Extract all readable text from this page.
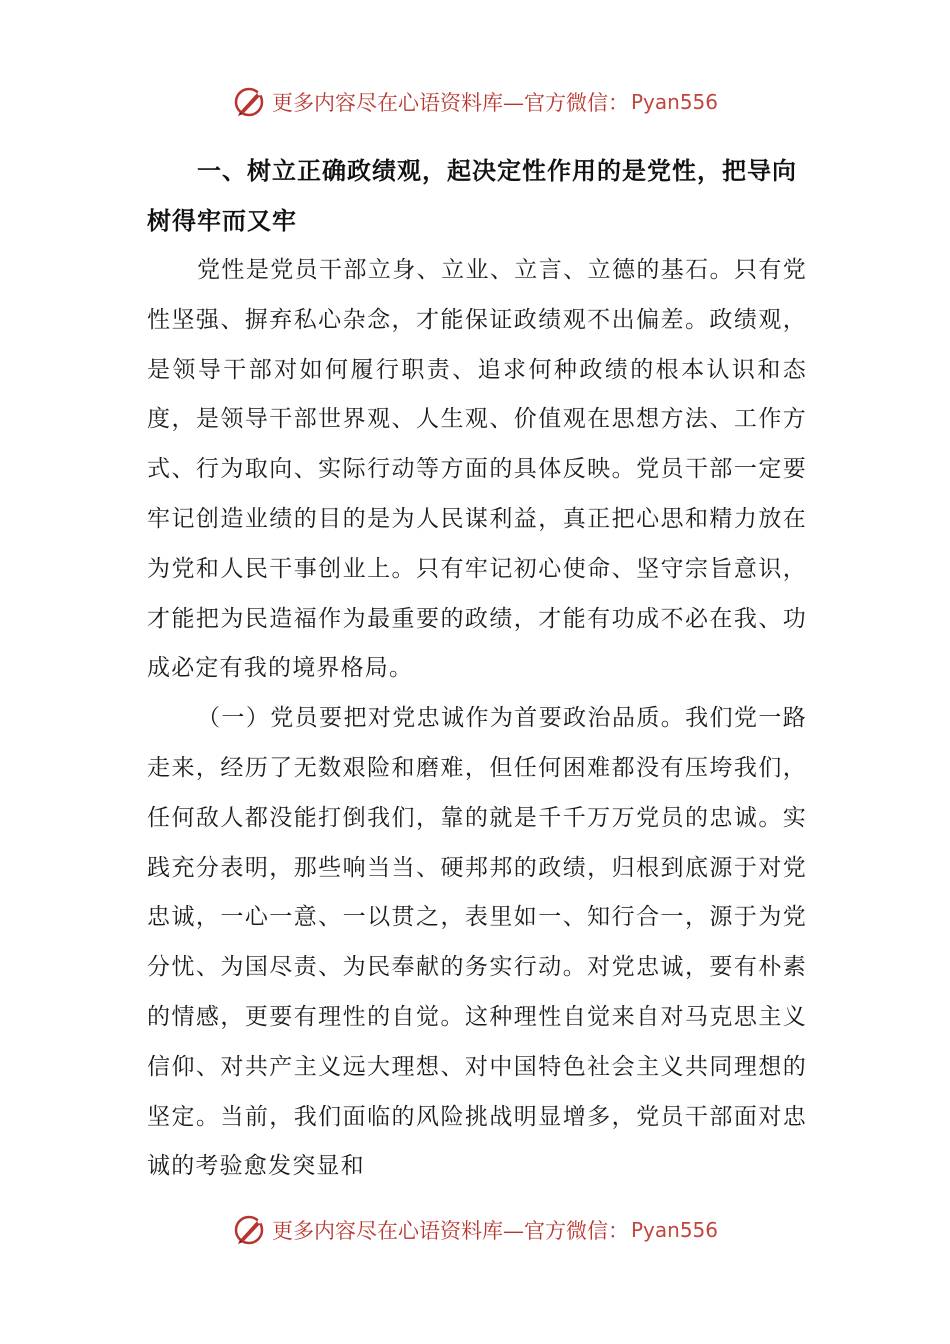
更多内容尽在心语资料库—官方微信： Pyan556

一、树立正确政绩观，起决定性作用的是党性，把导向树得牢而又牢

党性是党员干部立身、立业、立言、立德的基石。只有党性坚强、摒弃私心杂念，才能保证政绩观不出偏差。政绩观，是领导干部对如何履行职责、追求何种政绩的根本认识和态度，是领导干部世界观、人生观、价值观在思想方法、工作方式、行为取向、实际行动等方面的具体反映。党员干部一定要牢记创造业绩的目的是为人民谋利益，真正把心思和精力放在为党和人民干事创业上。只有牢记初心使命、坚守宗旨意识，才能把为民造福作为最重要的政绩，才能有功成不必在我、功成必定有我的境界格局。

（一）党员要把对党忠诚作为首要政治品质。我们党一路走来，经历了无数艰险和磨难，但任何困难都没有压垮我们，任何敌人都没能打倒我们，靠的就是千千万万党员的忠诚。实践充分表明，那些响当当、硬邦邦的政绩，归根到底源于对党忠诚，一心一意、一以贯之，表里如一、知行合一，源于为党分忧、为国尽责、为民奉献的务实行动。对党忠诚，要有朴素的情感，更要有理性的自觉。这种理性自觉来自对马克思主义信仰、对共产主义远大理想、对中国特色社会主义共同理想的坚定。当前，我们面临的风险挑战明显增多，党员干部面对忠诚的考验愈发突显和

更多内容尽在心语资料库—官方微信： Pyan556
